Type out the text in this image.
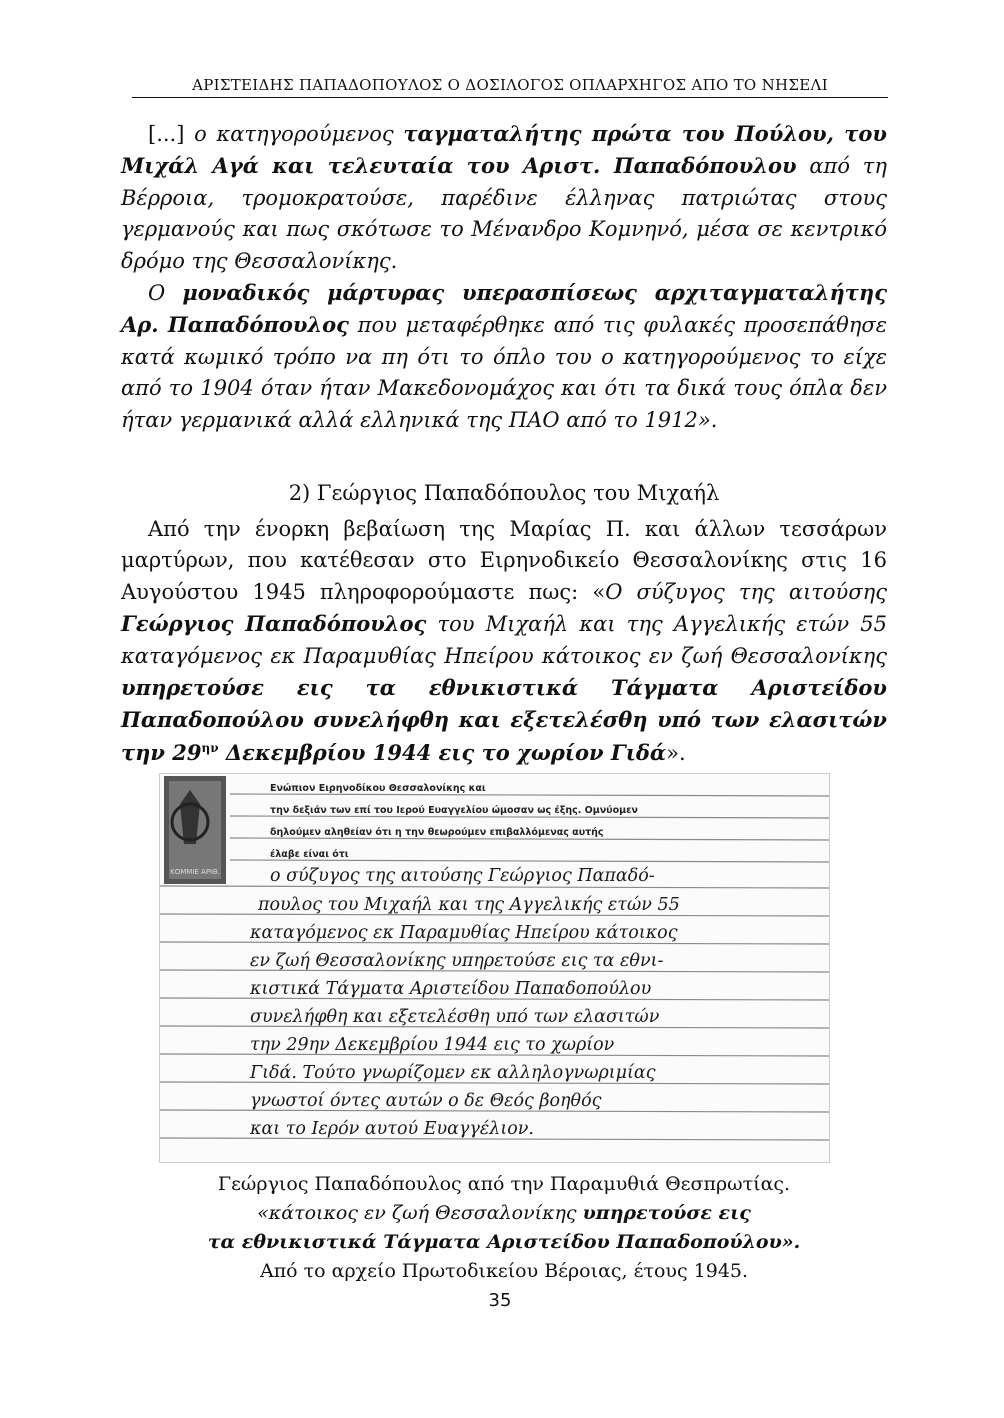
ΑΡΙΣΤΕΙΔΗΣ ΠΑΠΑΔΟΠΟΥΛΟΣ Ο ΔΟΣΙΛΟΓΟΣ ΟΠΛΑΡΧΗΓΟΣ ΑΠΟ ΤΟ ΝΗΣΕΛΙ

[...] ο κατηγορούμενος ταγματαλήτης πρώτα του Πούλου, του Μιχάλ Αγά και τελευταία του Αριστ. Παπαδόπουλου από τη Βέρροια, τρομοκρατούσε, παρέδινε έλληνας πατριώτας στους γερμανούς και πως σκότωσε το Μένανδρο Κομνηνό, μέσα σε κεντρικό δρόμο της Θεσσαλονίκης.

Ο μοναδικός μάρτυρας υπερασπίσεως αρχιταγματαλήτης Αρ. Παπαδόπουλος που μεταφέρθηκε από τις φυλακές προσεπάθησε κατά κωμικό τρόπο να πη ότι το όπλο του ο κατηγορούμενος το είχε από το 1904 όταν ήταν Μακεδονομάχος και ότι τα δικά τους όπλα δεν ήταν γερμανικά αλλά ελληνικά της ΠΑΟ από το 1912».

2) Γεώργιος Παπαδόπουλος του Μιχαήλ

Από την ένορκη βεβαίωση της Μαρίας Π. και άλλων τεσσάρων μαρτύρων, που κατέθεσαν στο Ειρηνοδικείο Θεσσαλονίκης στις 16 Αυγούστου 1945 πληροφορούμαστε πως: «Ο σύζυγος της αιτούσης Γεώργιος Παπαδόπουλος του Μιχαήλ και της Αγγελικής ετών 55 καταγόμενος εκ Παραμυθίας Ηπείρου κάτοικος εν ζωή Θεσσαλονίκης υπηρετούσε εις τα εθνικιστικά Τάγματα Αριστείδου Παπαδοπούλου συνελήφθη και εξετελέσθη υπό των ελασιτών την $29^{\eta\nu}$ Δεκεμβρίου 1944 εις το χωρίον Γιδά».

ΚΟΜΜΙΕ ΑΡΙΘ.
Ενώπιον Ειρηνοδίκου Θεσσαλονίκης και
την δεξιάν των επί του Ιερού Ευαγγελίου ώμοσαν ως έξης. Ομνύομεν
δηλούμεν αληθείαν ότι η την θεωρούμεν επιβαλλόμενας αυτής
έλαβε είναι ότι
ο σύζυγος της αιτούσης Γεώργιος Παπαδό-
πουλος του Μιχαήλ και της Αγγελικής ετών 55
καταγόμενος εκ Παραμυθίας Ηπείρου κάτοικος
εν ζωή Θεσσαλονίκης υπηρετούσε εις τα εθνι-
κιστικά Τάγματα Αριστείδου Παπαδοπούλου
συνελήφθη και εξετελέσθη υπό των ελασιτών
την 29ην Δεκεμβρίου 1944 εις το χωρίον
Γιδά. Τούτο γνωρίζομεν εκ αλληλογνωριμίας
γνωστοί όντες αυτών ο δε Θεός βοηθός
και το Ιερόν αυτού Ευαγγέλιον.
Γεώργιος Παπαδόπουλος από την Παραμυθιά Θεσπρωτίας.
«κάτοικος εν ζωή Θεσσαλονίκης υπηρετούσε εις
τα εθνικιστικά Τάγματα Αριστείδου Παπαδοπούλου».
Από το αρχείο Πρωτοδικείου Βέροιας, έτους 1945.
35
